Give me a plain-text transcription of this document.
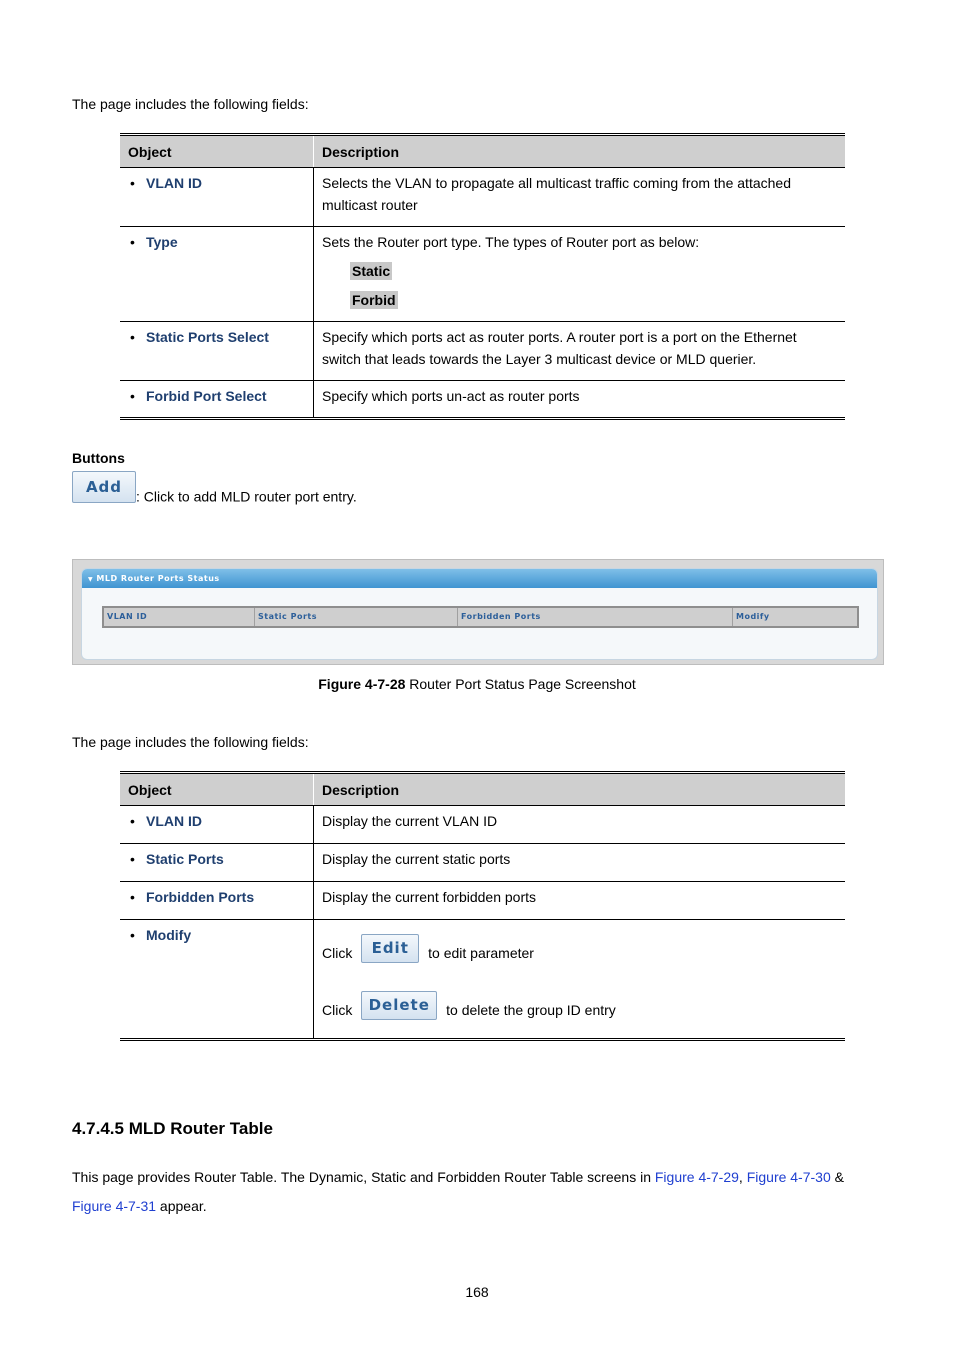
The page includes the following fields:
Object	Description

• VLAN ID	Selects the VLAN to propagate all multicast traffic coming from the attached
multicast router

• Type	Sets the Router port type. The types of Router port as below:
Static
Forbid

• Static Ports Select	Specify which ports act as router ports. A router port is a port on the Ethernet
switch that leads towards the Layer 3 multicast device or MLD querier.

• Forbid Port Select	Specify which ports un-act as router ports
Buttons
Add: Click to add MLD router port entry.
▼ MLD Router Ports Status
VLAN ID	Static Ports	Forbidden Ports	Modify
Figure 4-7-28 Router Port Status Page Screenshot
The page includes the following fields:
Object	Description

• VLAN ID	Display the current VLAN ID

• Static Ports	Display the current static ports

• Forbidden Ports	Display the current forbidden ports

• Modify	Click Edit to edit parameter
Click Delete to delete the group ID entry
4.7.4.5 MLD Router Table
This page provides Router Table. The Dynamic, Static and Forbidden Router Table screens in Figure 4-7-29, Figure 4-7-30 &
Figure 4-7-31 appear.
168
